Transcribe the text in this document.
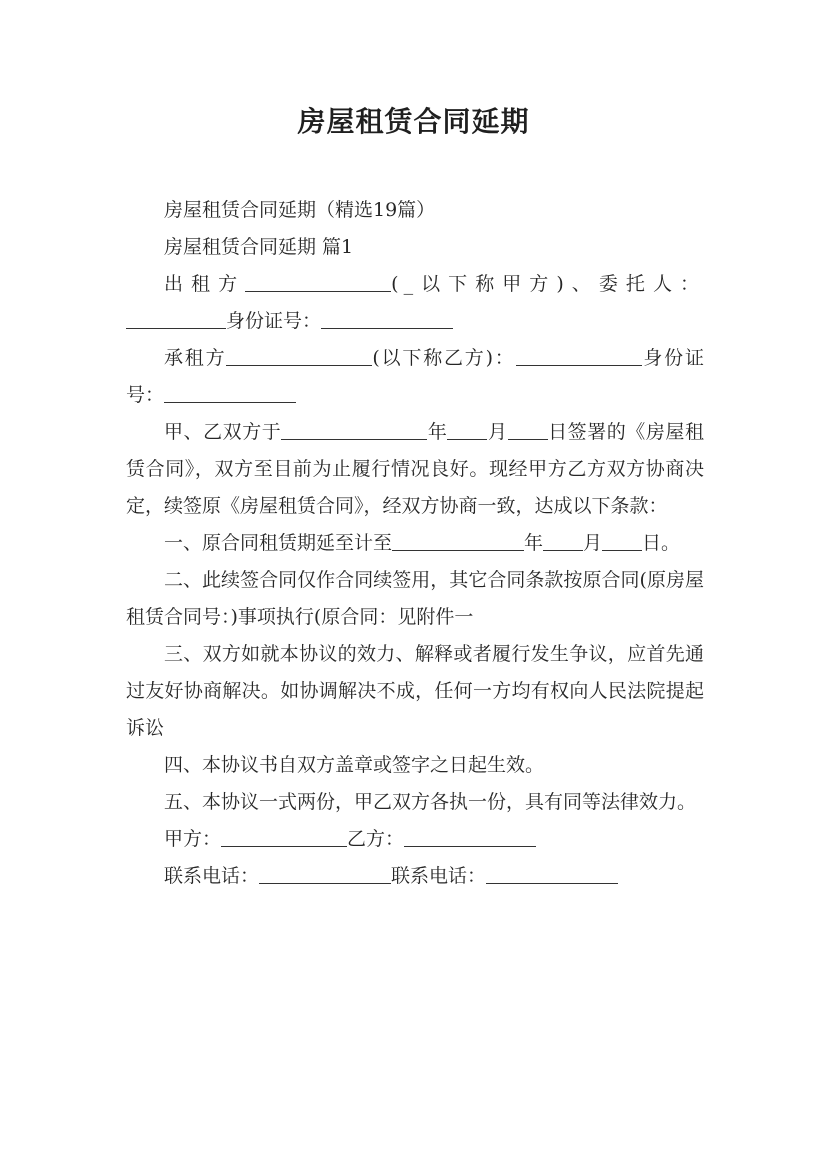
房屋租赁合同延期

房屋租赁合同延期（精选19篇）

房屋租赁合同延期 篇1

出租方	(_以下称甲方)、委托人：身份证号：

承租方	(以下称乙方)：	身份证号：

甲、乙双方于	年 月 日签署的《房屋租赁合同》，双方至目前为止履行情况良好。现经甲方乙方双方协商决定，续签原《房屋租赁合同》，经双方协商一致，达成以下条款：

一、原合同租赁期延至计至	年 月 日。

二、此续签合同仅作合同续签用，其它合同条款按原合同(原房屋租赁合同号：)事项执行(原合同：见附件一

三、双方如就本协议的效力、解释或者履行发生争议，应首先通过友好协商解决。如协调解决不成，任何一方均有权向人民法院提起诉讼

四、本协议书自双方盖章或签字之日起生效。

五、本协议一式两份，甲乙双方各执一份，具有同等法律效力。

甲方：	乙方：

联系电话：	联系电话：
